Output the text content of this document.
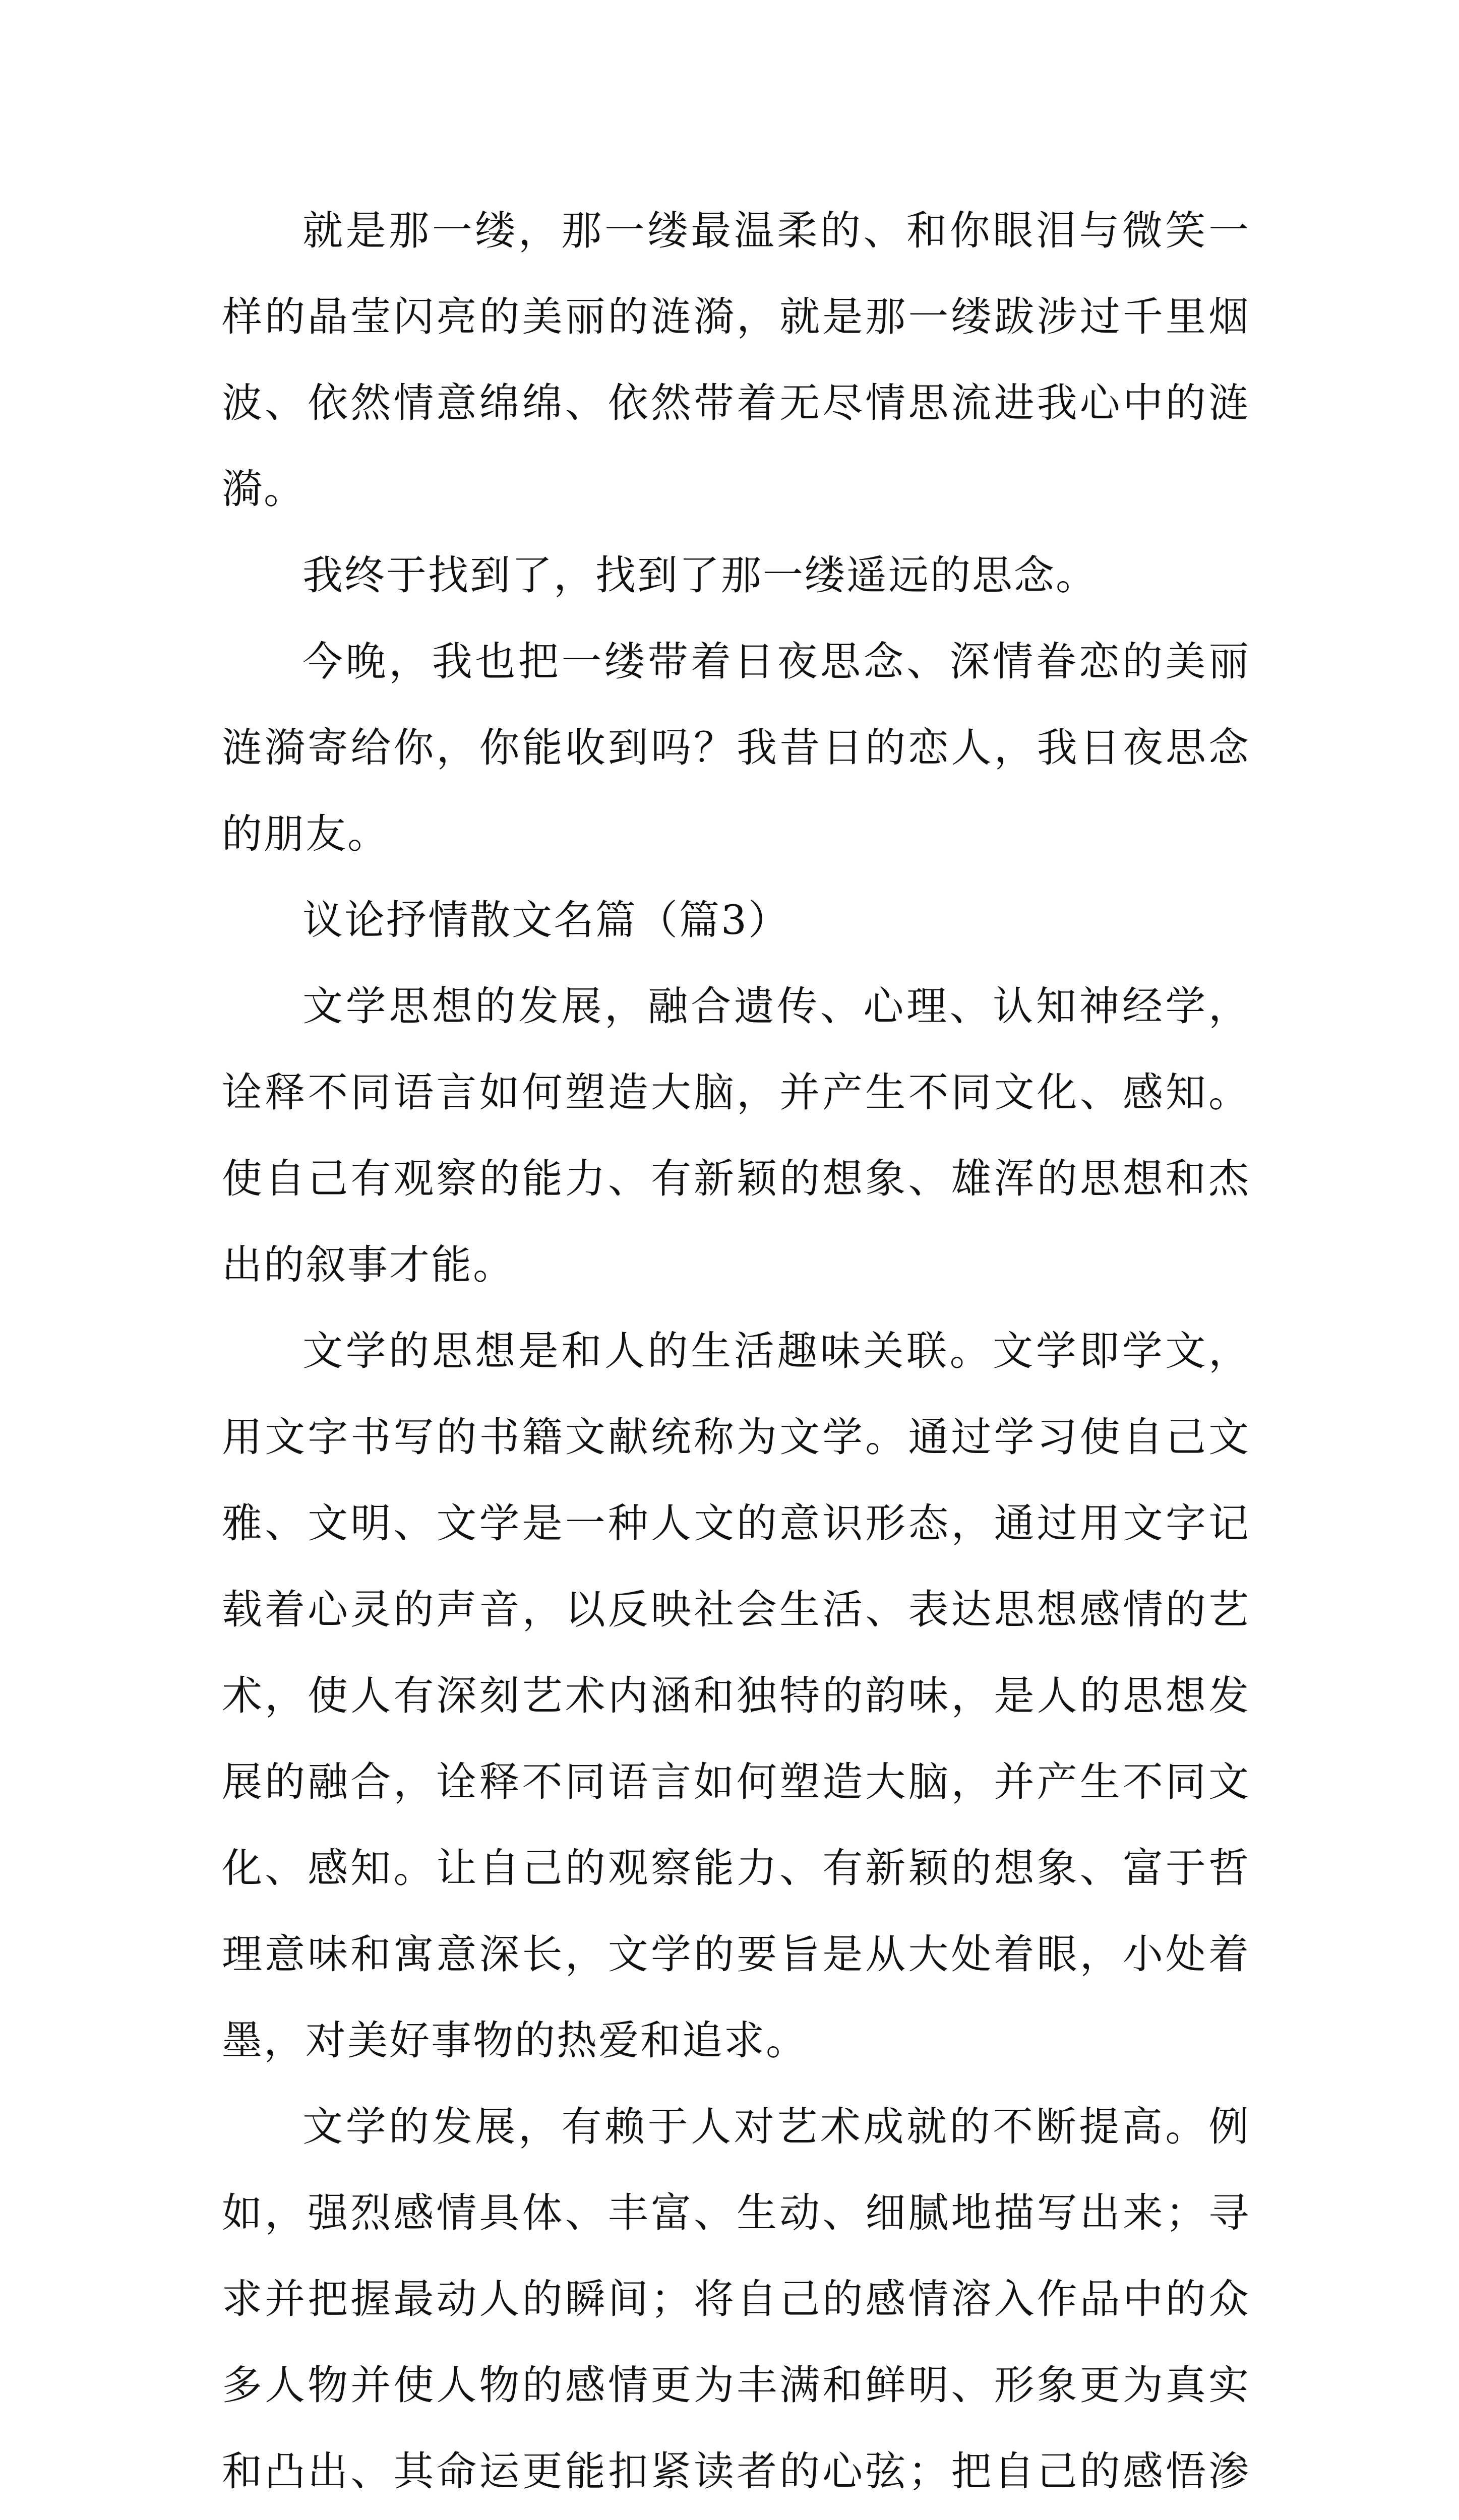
就是那一缕，那一缕最温柔的、和你眼泪与微笑一样的晶莹闪亮的美丽的涟漪，就是那一缕跋涉过千里烟波、依然情意绵绵、依然带着无尽情思流进我心中的涟漪。

我终于找到了，找到了那一缕遥远的思念。

今晚，我也把一缕带着日夜思念、深情眷恋的美丽涟漪寄给你，你能收到吗？我昔日的恋人，我日夜思念的朋友。

议论抒情散文名篇（篇3）

文学思想的发展，融合遗传、心理、认知神经学，诠释不同语言如何塑造大脑，并产生不同文化、感知。使自己有观察的能力、有新颖的想象、雄浑的思想和杰出的叙事才能。

文学的思想是和人的生活趣味关联。文学即学文，用文字书写的书籍文献统称为文学。通过学习使自己文雅、文明、文学是一种人文的意识形态，通过用文字记载着心灵的声音，以反映社会生活、表达思想感情的艺术，使人有深刻艺术内涵和独特的韵味，是人的思想发展的融合，诠释不同语言如何塑造大脑，并产生不同文化、感知。让自己的观察能力、有新颖的想象、富于哲理意味和寓意深长，文学的要旨是从大处着眼，小处着墨，对美好事物的热爱和追求。

文学的发展，有赖于人对艺术成就的不断提高。例如，强烈感情具体、丰富、生动、细腻地描写出来；寻求并把握最动人的瞬间；将自己的感情溶入作品中的众多人物并使人物的感情更为丰满和鲜明、形象更为真实和凸出、其命运更能扣紧读者的心弦；把自己的感悟渗
